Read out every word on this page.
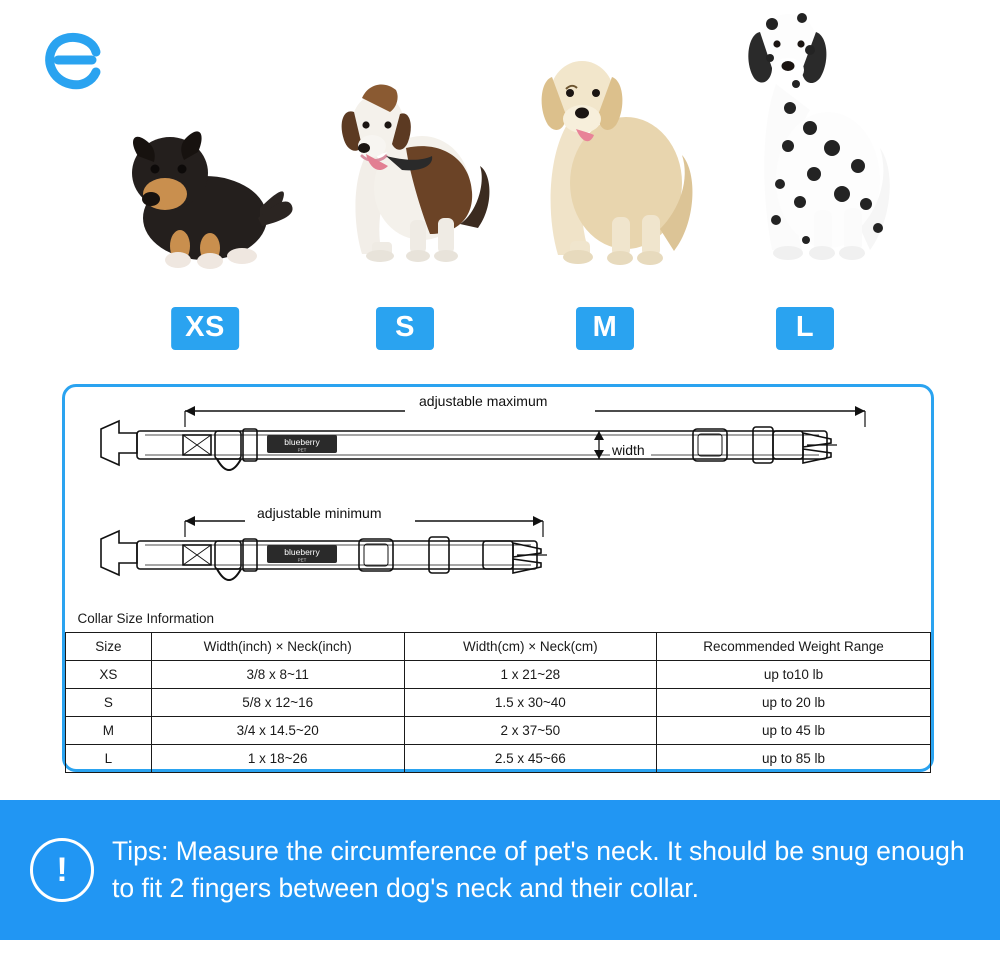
XS	S	M	L
blueberry
PET
blueberry
PET
adjustable maximum
adjustable minimum
width
Collar Size Information			
Size	Width(inch) × Neck(inch)	Width(cm) × Neck(cm)	Recommended Weight Range
XS	3/8 x 8~11	1 x 21~28	up to10 lb
S	5/8 x 12~16	1.5 x 30~40	up to 20 lb
M	3/4 x 14.5~20	2 x 37~50	up to 45 lb
L	1 x 18~26	2.5 x 45~66	up to 85 lb
! Tips: Measure the circumference of pet's neck. It should be snug enough to fit 2 fingers between dog's neck and their collar.
